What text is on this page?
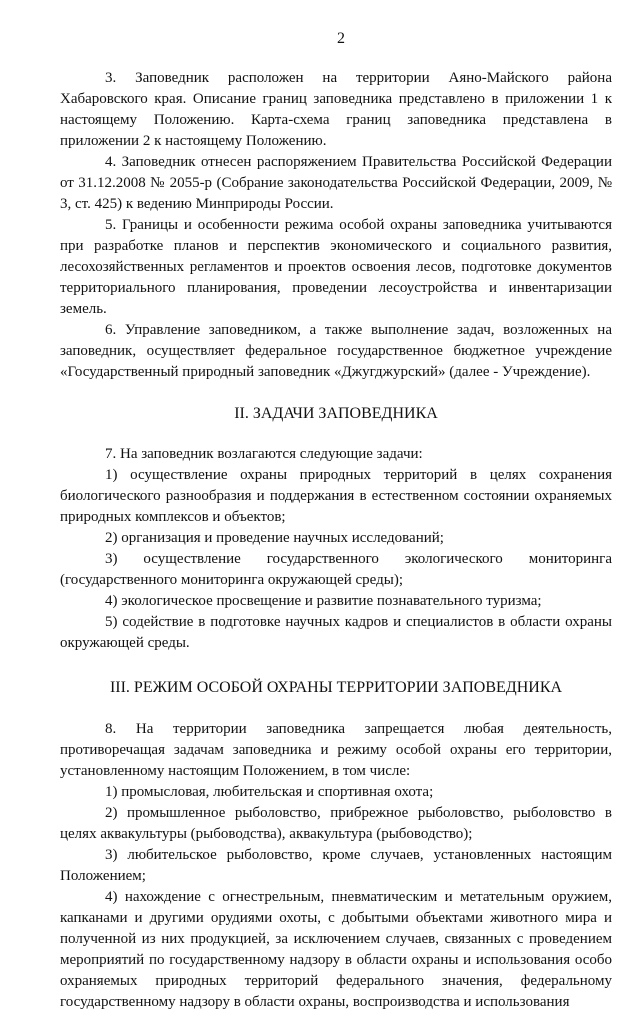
2

3. Заповедник расположен на территории Аяно-Майского района Хабаровского края. Описание границ заповедника представлено в приложении 1 к настоящему Положению. Карта-схема границ заповедника представлена в приложении 2 к настоящему Положению.

4. Заповедник отнесен распоряжением Правительства Российской Федерации от 31.12.2008 № 2055-р (Собрание законодательства Российской Федерации, 2009, № 3, ст. 425) к ведению Минприроды России.

5. Границы и особенности режима особой охраны заповедника учитываются при разработке планов и перспектив экономического и социального развития, лесохозяйственных регламентов и проектов освоения лесов, подготовке документов территориального планирования, проведении лесоустройства и инвентаризации земель.

6. Управление заповедником, а также выполнение задач, возложенных на заповедник, осуществляет федеральное государственное бюджетное учреждение «Государственный природный заповедник «Джугджурский» (далее - Учреждение).

II. ЗАДАЧИ ЗАПОВЕДНИКА

7. На заповедник возлагаются следующие задачи:

1) осуществление охраны природных территорий в целях сохранения биологического разнообразия и поддержания в естественном состоянии охраняемых природных комплексов и объектов;

2) организация и проведение научных исследований;

3) осуществление государственного экологического мониторинга (государственного мониторинга окружающей среды);

4) экологическое просвещение и развитие познавательного туризма;

5) содействие в подготовке научных кадров и специалистов в области охраны окружающей среды.

III. РЕЖИМ ОСОБОЙ ОХРАНЫ ТЕРРИТОРИИ ЗАПОВЕДНИКА

8. На территории заповедника запрещается любая деятельность, противоречащая задачам заповедника и режиму особой охраны его территории, установленному настоящим Положением, в том числе:

1) промысловая, любительская и спортивная охота;

2) промышленное рыболовство, прибрежное рыболовство, рыболовство в целях аквакультуры (рыбоводства), аквакультура (рыбоводство);

3) любительское рыболовство, кроме случаев, установленных настоящим Положением;

4) нахождение с огнестрельным, пневматическим и метательным оружием, капканами и другими орудиями охоты, с добытыми объектами животного мира и полученной из них продукцией, за исключением случаев, связанных с проведением мероприятий по государственному надзору в области охраны и использования особо охраняемых природных территорий федерального значения, федеральному государственному надзору в области охраны, воспроизводства и использования
